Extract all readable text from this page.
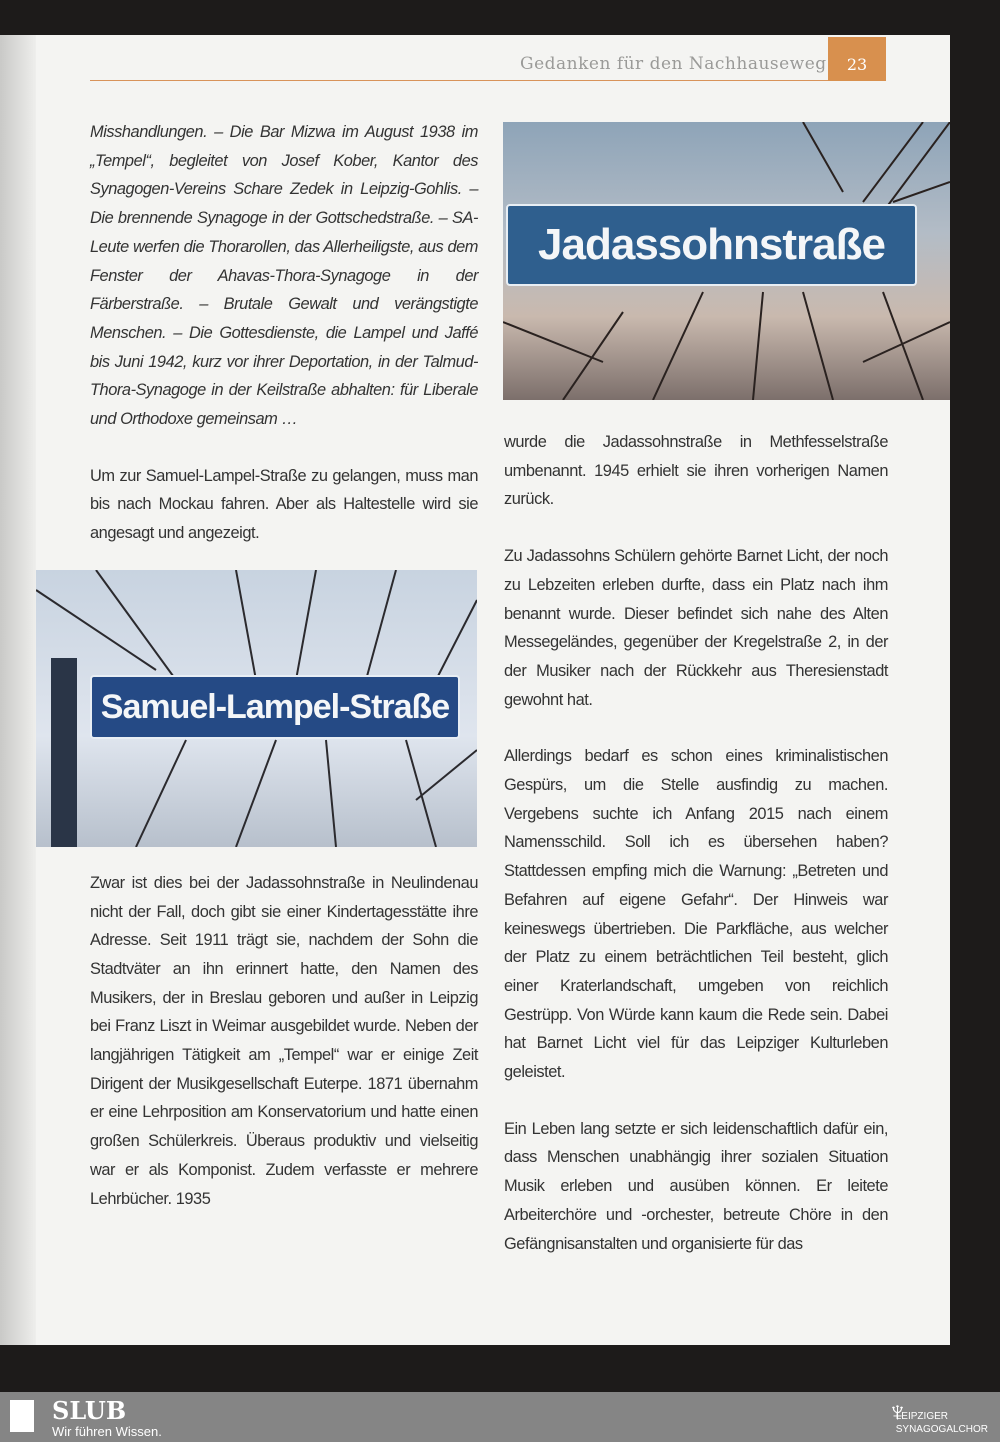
Gedanken für den Nachhauseweg	23

Misshandlungen. – Die Bar Mizwa im August 1938 im „Tempel“, begleitet von Josef Kober, Kantor des Synagogen-Vereins Schare Zedek in Leipzig-Gohlis. – Die brennende Synagoge in der Gottschedstraße. – SA-Leute werfen die Thorarollen, das Allerheiligste, aus dem Fenster der Ahavas-Thora-Synagoge in der Färberstraße. – Brutale Gewalt und verängstigte Menschen. – Die Gottesdienste, die Lampel und Jaffé bis Juni 1942, kurz vor ihrer Deportation, in der Talmud-Thora-Synagoge in der Keilstraße abhalten: für Liberale und Orthodoxe gemeinsam …

Um zur Samuel-Lampel-Straße zu gelangen, muss man bis nach Mockau fahren. Aber als Haltestelle wird sie angesagt und angezeigt.

Samuel-Lampel-Straße

Zwar ist dies bei der Jadassohnstraße in Neulindenau nicht der Fall, doch gibt sie einer Kindertagesstätte ihre Adresse. Seit 1911 trägt sie, nachdem der Sohn die Stadtväter an ihn erinnert hatte, den Namen des Musikers, der in Breslau geboren und außer in Leipzig bei Franz Liszt in Weimar ausgebildet wurde. Neben der langjährigen Tätigkeit am „Tempel“ war er einige Zeit Dirigent der Musikgesellschaft Euterpe. 1871 übernahm er eine Lehrposition am Konservatorium und hatte einen großen Schülerkreis. Überaus produktiv und vielseitig war er als Komponist. Zudem verfasste er mehrere Lehrbücher. 1935

Jadassohnstraße

wurde die Jadassohnstraße in Methfesselstraße umbenannt. 1945 erhielt sie ihren vorherigen Namen zurück.

Zu Jadassohns Schülern gehörte Barnet Licht, der noch zu Lebzeiten erleben durfte, dass ein Platz nach ihm benannt wurde. Dieser befindet sich nahe des Alten Messegeländes, gegenüber der Kregelstraße 2, in der der Musiker nach der Rückkehr aus Theresienstadt gewohnt hat.

Allerdings bedarf es schon eines kriminalistischen Gespürs, um die Stelle ausfindig zu machen. Vergebens suchte ich Anfang 2015 nach einem Namensschild. Soll ich es übersehen haben? Stattdessen empfing mich die Warnung: „Betreten und Befahren auf eigene Gefahr“. Der Hinweis war keineswegs übertrieben. Die Parkfläche, aus welcher der Platz zu einem beträchtlichen Teil besteht, glich einer Kraterlandschaft, umgeben von reichlich Gestrüpp. Von Würde kann kaum die Rede sein. Dabei hat Barnet Licht viel für das Leipziger Kulturleben geleistet.

Ein Leben lang setzte er sich leidenschaftlich dafür ein, dass Menschen unabhängig ihrer sozialen Situation Musik erleben und ausüben können. Er leitete Arbeiterchöre und -orchester, betreute Chöre in den Gefängnisanstalten und organisierte für das

SLUB
Wir führen Wissen.
♆
LEIPZIGER
SYNAGOGALCHOR
